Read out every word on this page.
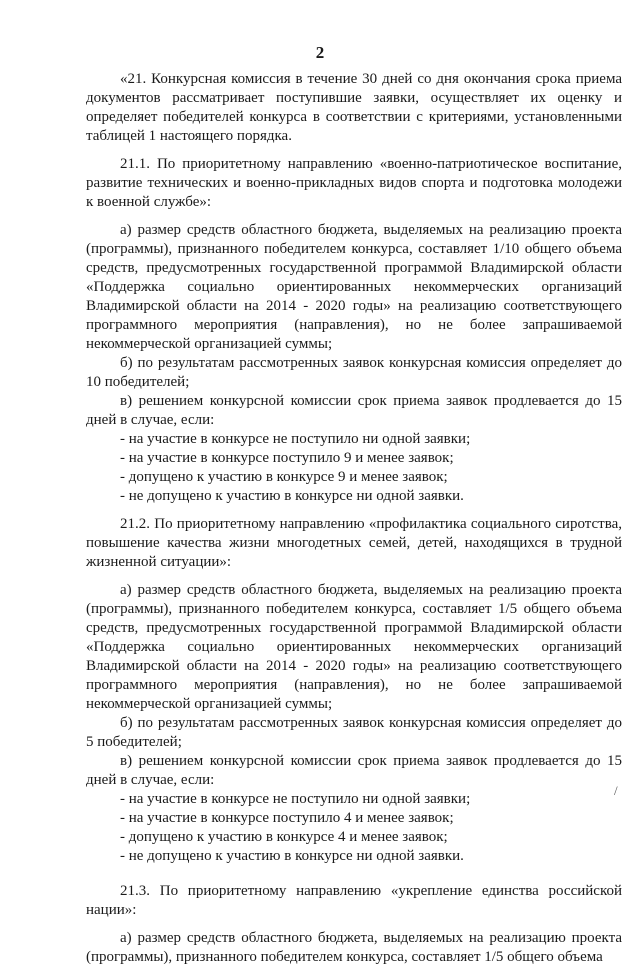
2

«21. Конкурсная комиссия в течение 30 дней со дня окончания срока приема документов рассматривает поступившие заявки, осуществляет их оценку и определяет победителей конкурса в соответствии с критериями, установленными таблицей 1 настоящего порядка.

21.1. По приоритетному направлению «военно-патриотическое воспитание, развитие технических и военно-прикладных видов спорта и подготовка молодежи к военной службе»:

а) размер средств областного бюджета, выделяемых на реализацию проекта (программы), признанного победителем конкурса, составляет 1/10 общего объема средств, предусмотренных государственной программой Владимирской области «Поддержка социально ориентированных некоммерческих организаций Владимирской области на 2014 - 2020 годы» на реализацию соответствующего программного мероприятия (направления), но не более запрашиваемой некоммерческой организацией суммы;

б) по результатам рассмотренных заявок конкурсная комиссия определяет до 10 победителей;

в) решением конкурсной комиссии срок приема заявок продлевается до 15 дней в случае, если:

- на участие в конкурсе не поступило ни одной заявки;

- на участие в конкурсе поступило 9 и менее заявок;

- допущено к участию в конкурсе 9 и менее заявок;

- не допущено к участию в конкурсе ни одной заявки.

21.2. По приоритетному направлению «профилактика социального сиротства, повышение качества жизни многодетных семей, детей, находящихся в трудной жизненной ситуации»:

а) размер средств областного бюджета, выделяемых на реализацию проекта (программы), признанного победителем конкурса, составляет 1/5 общего объема средств, предусмотренных государственной программой Владимирской области «Поддержка социально ориентированных некоммерческих организаций Владимирской области на 2014 - 2020 годы» на реализацию соответствующего программного мероприятия (направления), но не более запрашиваемой некоммерческой организацией суммы;

б) по результатам рассмотренных заявок конкурсная комиссия определяет до 5 победителей;

в) решением конкурсной комиссии срок приема заявок продлевается до 15 дней в случае, если:

- на участие в конкурсе не поступило ни одной заявки;

- на участие в конкурсе поступило 4 и менее заявок;

- допущено к участию в конкурсе 4 и менее заявок;

- не допущено к участию в конкурсе ни одной заявки.

21.3. По приоритетному направлению «укрепление единства российской нации»:

а) размер средств областного бюджета, выделяемых на реализацию проекта (программы), признанного победителем конкурса, составляет 1/5 общего объема

/
